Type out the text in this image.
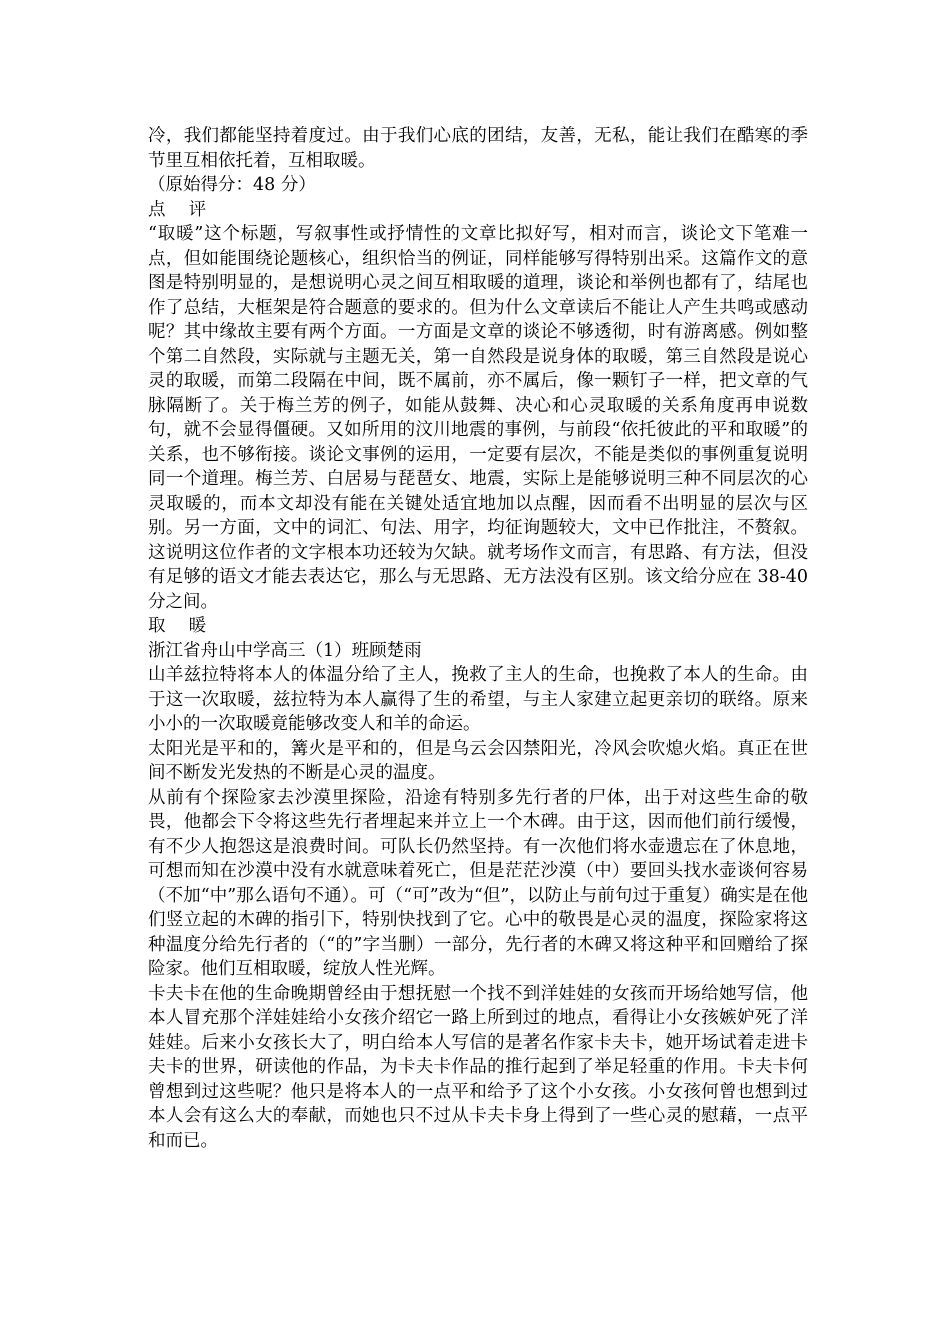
冷，我们都能坚持着度过。由于我们心底的团结，友善，无私，能让我们在酷寒的季节里互相依托着，互相取暖。

（原始得分：48 分）

点 评

“取暖”这个标题，写叙事性或抒情性的文章比拟好写，相对而言，谈论文下笔难一点，但如能围绕论题核心，组织恰当的例证，同样能够写得特别出采。这篇作文的意图是特别明显的，是想说明心灵之间互相取暖的道理，谈论和举例也都有了，结尾也作了总结，大框架是符合题意的要求的。但为什么文章读后不能让人产生共鸣或感动呢？其中缘故主要有两个方面。一方面是文章的谈论不够透彻，时有游离感。例如整个第二自然段，实际就与主题无关，第一自然段是说身体的取暖，第三自然段是说心灵的取暖，而第二段隔在中间，既不属前，亦不属后，像一颗钉子一样，把文章的气脉隔断了。关于梅兰芳的例子，如能从鼓舞、决心和心灵取暖的关系角度再申说数句，就不会显得僵硬。又如所用的汶川地震的事例，与前段“依托彼此的平和取暖”的关系，也不够衔接。谈论文事例的运用，一定要有层次，不能是类似的事例重复说明同一个道理。梅兰芳、白居易与琵琶女、地震，实际上是能够说明三种不同层次的心灵取暖的，而本文却没有能在关键处适宜地加以点醒，因而看不出明显的层次与区别。另一方面，文中的词汇、句法、用字，均征询题较大，文中已作批注，不赘叙。这说明这位作者的文字根本功还较为欠缺。就考场作文而言，有思路、有方法，但没有足够的语文才能去表达它，那么与无思路、无方法没有区别。该文给分应在 38-40 分之间。

取 暖

浙江省舟山中学高三（1）班顾楚雨

山羊兹拉特将本人的体温分给了主人，挽救了主人的生命，也挽救了本人的生命。由于这一次取暖，兹拉特为本人赢得了生的希望，与主人家建立起更亲切的联络。原来小小的一次取暖竟能够改变人和羊的命运。

太阳光是平和的，篝火是平和的，但是乌云会囚禁阳光，冷风会吹熄火焰。真正在世间不断发光发热的不断是心灵的温度。

从前有个探险家去沙漠里探险，沿途有特别多先行者的尸体，出于对这些生命的敬畏，他都会下令将这些先行者埋起来并立上一个木碑。由于这，因而他们前行缓慢，有不少人抱怨这是浪费时间。可队长仍然坚持。有一次他们将水壶遗忘在了休息地，可想而知在沙漠中没有水就意味着死亡，但是茫茫沙漠（中）要回头找水壶谈何容易（不加“中”那么语句不通）。可（“可”改为“但”，以防止与前句过于重复）确实是在他们竖立起的木碑的指引下，特别快找到了它。心中的敬畏是心灵的温度，探险家将这种温度分给先行者的（“的”字当删）一部分，先行者的木碑又将这种平和回赠给了探险家。他们互相取暖，绽放人性光辉。

卡夫卡在他的生命晚期曾经由于想抚慰一个找不到洋娃娃的女孩而开场给她写信，他本人冒充那个洋娃娃给小女孩介绍它一路上所到过的地点，看得让小女孩嫉妒死了洋娃娃。后来小女孩长大了，明白给本人写信的是著名作家卡夫卡，她开场试着走进卡夫卡的世界，研读他的作品，为卡夫卡作品的推行起到了举足轻重的作用。卡夫卡何曾想到过这些呢？他只是将本人的一点平和给予了这个小女孩。小女孩何曾也想到过本人会有这么大的奉献，而她也只不过从卡夫卡身上得到了一些心灵的慰藉，一点平和而已。
